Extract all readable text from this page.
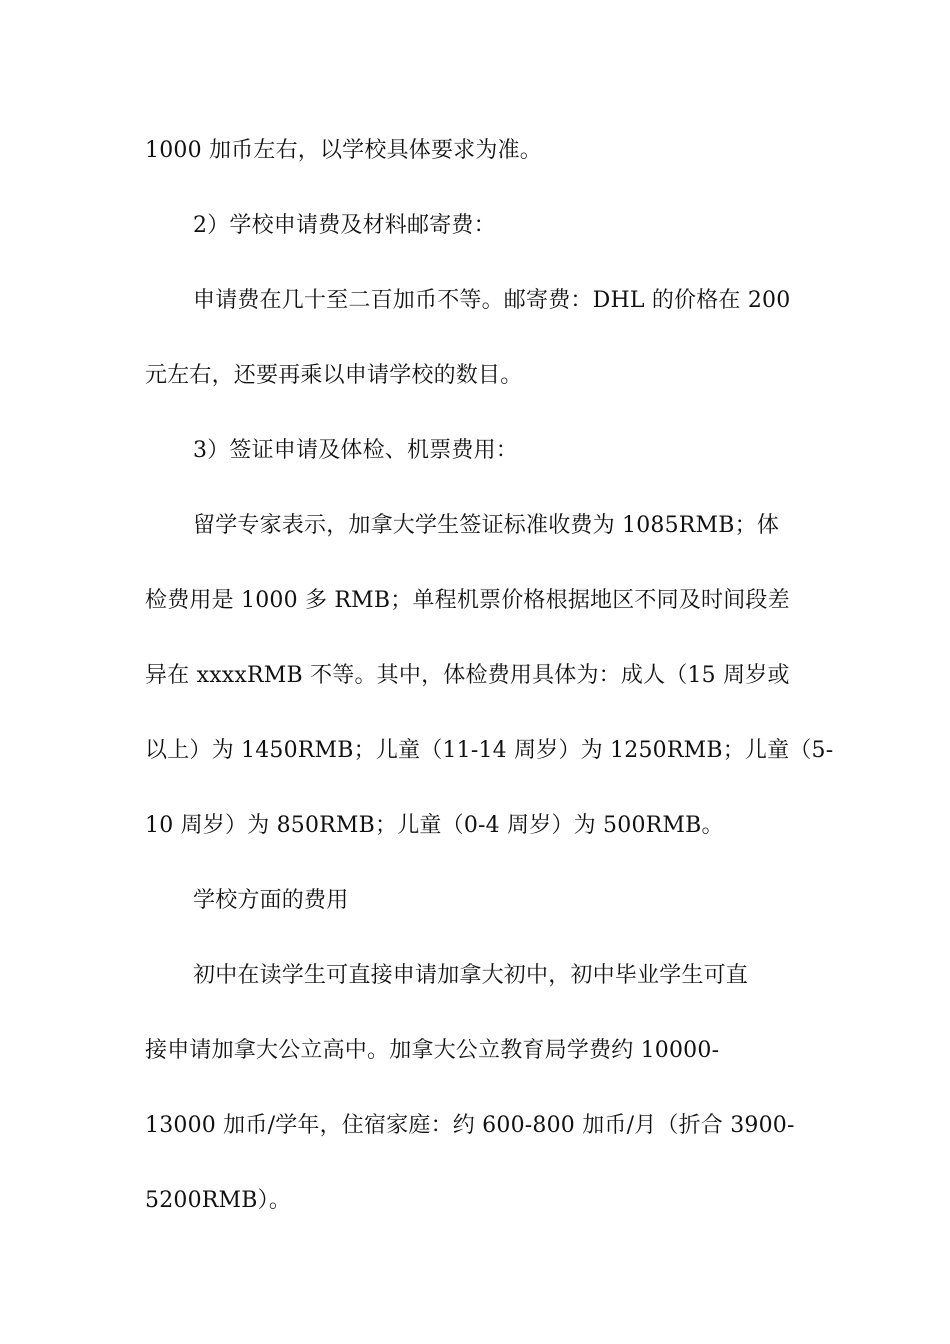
1000 加币左右，以学校具体要求为准。
2）学校申请费及材料邮寄费：
申请费在几十至二百加币不等。邮寄费：DHL 的价格在 200
元左右，还要再乘以申请学校的数目。
3）签证申请及体检、机票费用：
留学专家表示，加拿大学生签证标准收费为 1085RMB；体
检费用是 1000 多 RMB；单程机票价格根据地区不同及时间段差
异在 xxxxRMB 不等。其中，体检费用具体为：成人（15 周岁或
以上）为 1450RMB；儿童（11-14 周岁）为 1250RMB；儿童（5-
10 周岁）为 850RMB；儿童（0-4 周岁）为 500RMB。
学校方面的费用
初中在读学生可直接申请加拿大初中，初中毕业学生可直
接申请加拿大公立高中。加拿大公立教育局学费约 10000-
13000 加币/学年，住宿家庭：约 600-800 加币/月（折合 3900-
5200RMB）。
